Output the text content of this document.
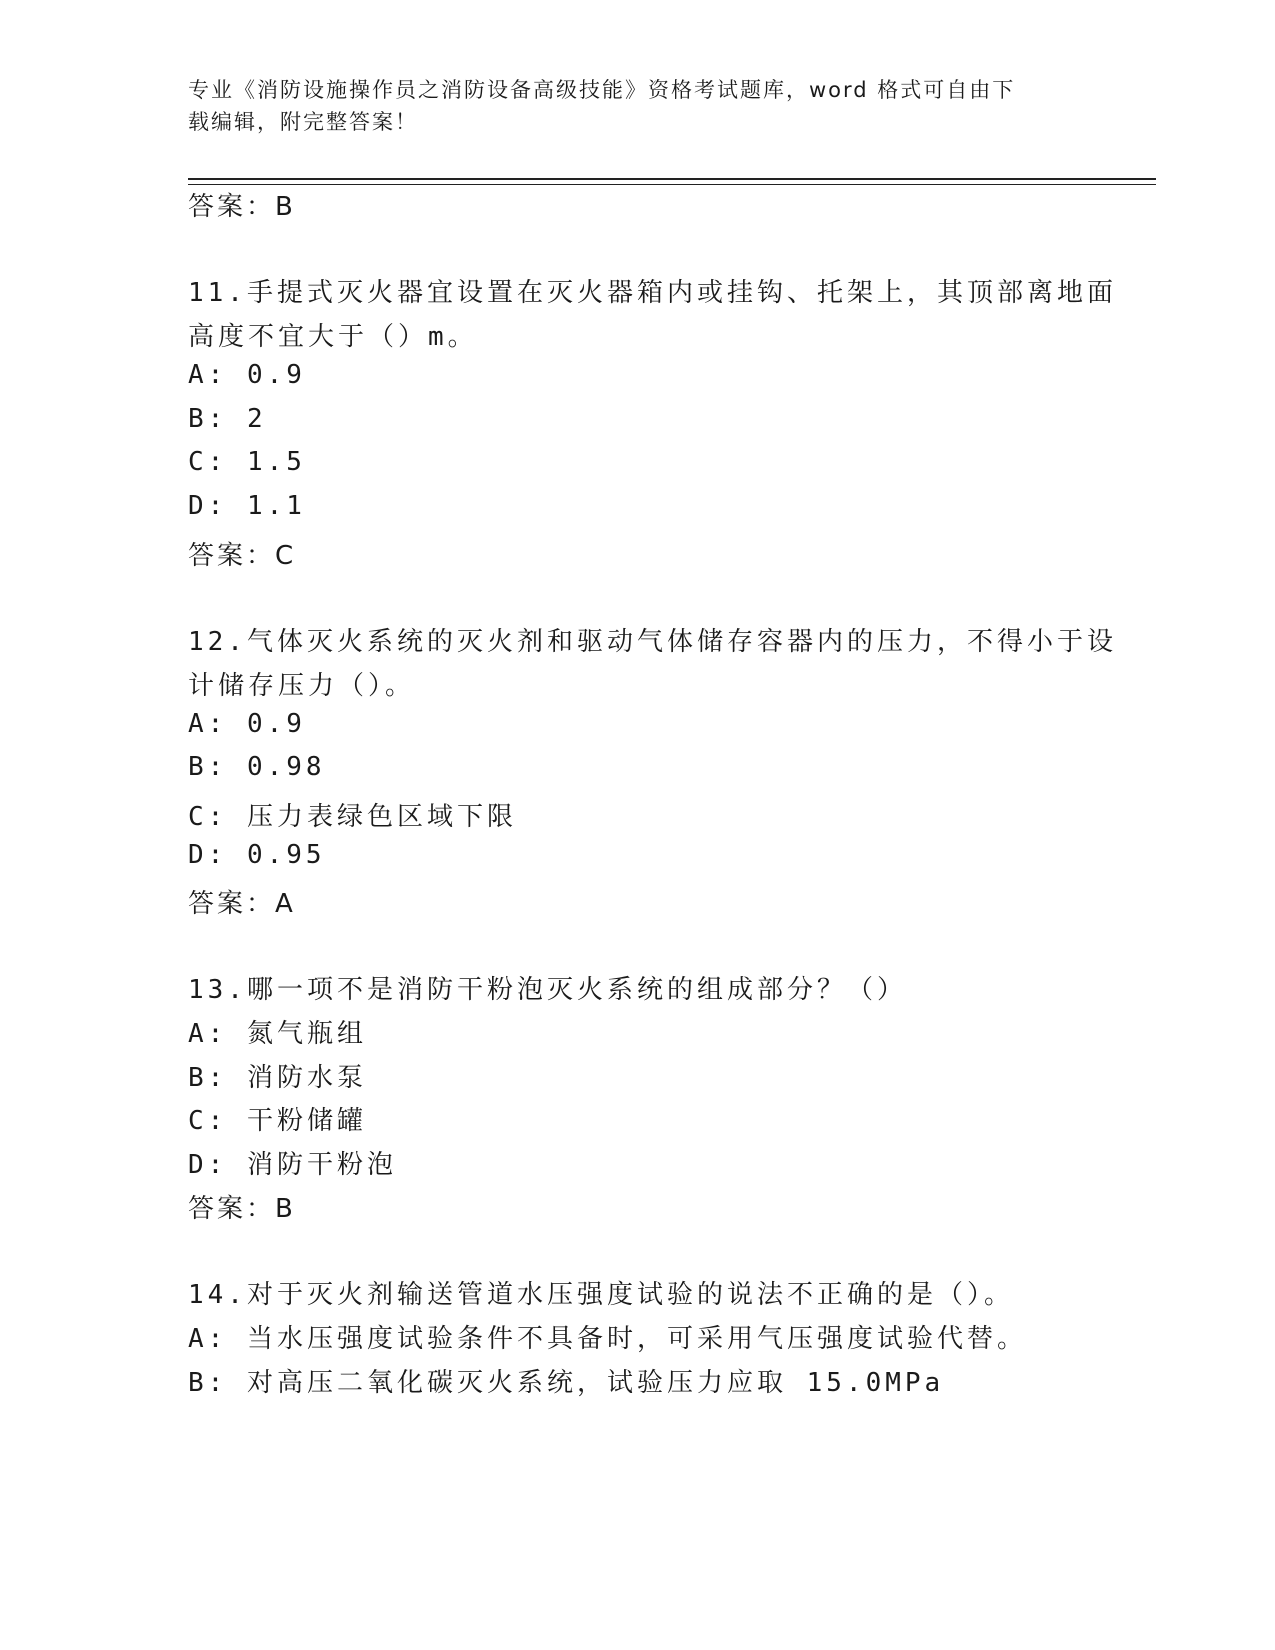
专业《消防设施操作员之消防设备高级技能》资格考试题库，word 格式可自由下
载编辑，附完整答案！
答案：B
11.手提式灭火器宜设置在灭火器箱内或挂钩、托架上，其顶部离地面
高度不宜大于（）m。
A: 0.9
B: 2
C: 1.5
D: 1.1
答案：C
12.气体灭火系统的灭火剂和驱动气体储存容器内的压力，不得小于设
计储存压力（）。
A: 0.9
B: 0.98
C: 压力表绿色区域下限
D: 0.95
答案：A
13.哪一项不是消防干粉泡灭火系统的组成部分？（）
A: 氮气瓶组
B: 消防水泵
C: 干粉储罐
D: 消防干粉泡
答案：B
14.对于灭火剂输送管道水压强度试验的说法不正确的是（）。
A: 当水压强度试验条件不具备时，可采用气压强度试验代替。
B: 对高压二氧化碳灭火系统，试验压力应取 15.0MPa
